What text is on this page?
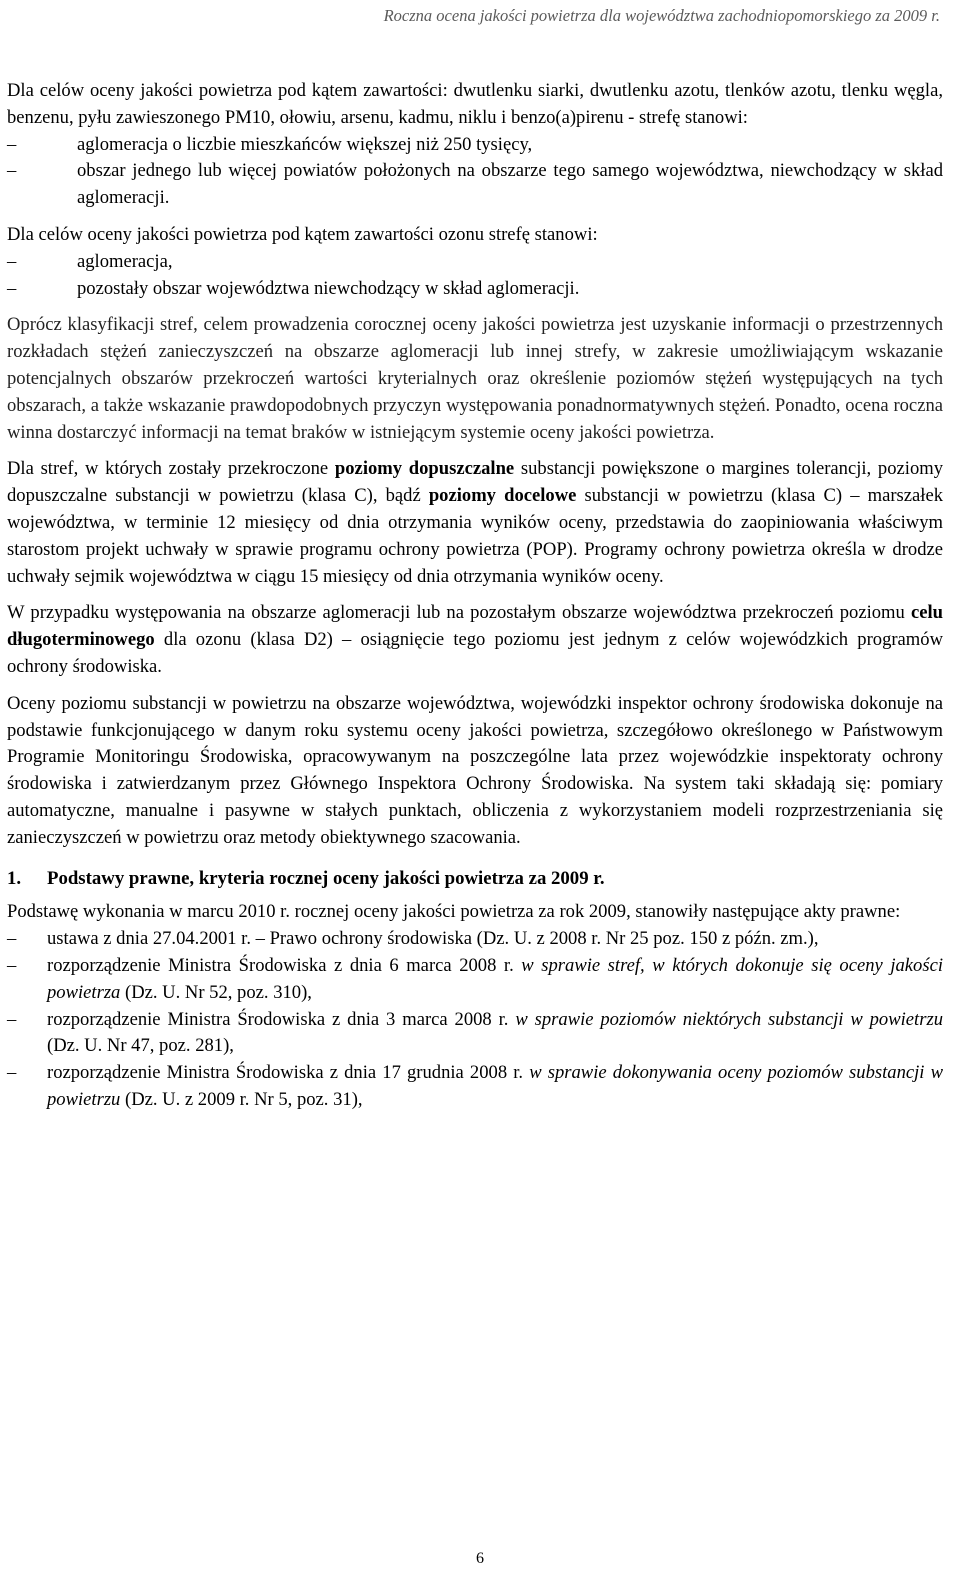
Roczna ocena jakości powietrza dla województwa zachodniopomorskiego za 2009 r.

Dla celów oceny jakości powietrza pod kątem zawartości: dwutlenku siarki, dwutlenku azotu, tlenków azotu, tlenku węgla, benzenu, pyłu zawieszonego PM10, ołowiu, arsenu, kadmu, niklu i benzo(a)pirenu - strefę stanowi:

– aglomeracja o liczbie mieszkańców większej niż 250 tysięcy,
– obszar jednego lub więcej powiatów położonych na obszarze tego samego województwa, niewchodzący w skład aglomeracji.

Dla celów oceny jakości powietrza pod kątem zawartości ozonu strefę stanowi:

– aglomeracja,
– pozostały obszar województwa niewchodzący w skład aglomeracji.

Oprócz klasyfikacji stref, celem prowadzenia corocznej oceny jakości powietrza jest uzyskanie informacji o przestrzennych rozkładach stężeń zanieczyszczeń na obszarze aglomeracji lub innej strefy, w zakresie umożliwiającym wskazanie potencjalnych obszarów przekroczeń wartości kryterialnych oraz określenie poziomów stężeń występujących na tych obszarach, a także wskazanie prawdopodobnych przyczyn występowania ponadnormatywnych stężeń. Ponadto, ocena roczna winna dostarczyć informacji na temat braków w istniejącym systemie oceny jakości powietrza.

Dla stref, w których zostały przekroczone poziomy dopuszczalne substancji powiększone o margines tolerancji, poziomy dopuszczalne substancji w powietrzu (klasa C), bądź poziomy docelowe substancji w powietrzu (klasa C) – marszałek województwa, w terminie 12 miesięcy od dnia otrzymania wyników oceny, przedstawia do zaopiniowania właściwym starostom projekt uchwały w sprawie programu ochrony powietrza (POP). Programy ochrony powietrza określa w drodze uchwały sejmik województwa w ciągu 15 miesięcy od dnia otrzymania wyników oceny.

W przypadku występowania na obszarze aglomeracji lub na pozostałym obszarze województwa przekroczeń poziomu celu długoterminowego dla ozonu (klasa D2) – osiągnięcie tego poziomu jest jednym z celów wojewódzkich programów ochrony środowiska.

Oceny poziomu substancji w powietrzu na obszarze województwa, wojewódzki inspektor ochrony środowiska dokonuje na podstawie funkcjonującego w danym roku systemu oceny jakości powietrza, szczegółowo określonego w Państwowym Programie Monitoringu Środowiska, opracowywanym na poszczególne lata przez wojewódzkie inspektoraty ochrony środowiska i zatwierdzanym przez Głównego Inspektora Ochrony Środowiska. Na system taki składają się: pomiary automatyczne, manualne i pasywne w stałych punktach, obliczenia z wykorzystaniem modeli rozprzestrzeniania się zanieczyszczeń w powietrzu oraz metody obiektywnego szacowania.

1. Podstawy prawne, kryteria rocznej oceny jakości powietrza za 2009 r.

Podstawę wykonania w marcu 2010 r. rocznej oceny jakości powietrza za rok 2009, stanowiły następujące akty prawne:

– ustawa z dnia 27.04.2001 r. – Prawo ochrony środowiska (Dz. U. z 2008 r. Nr 25 poz. 150 z późn. zm.),
– rozporządzenie Ministra Środowiska z dnia 6 marca 2008 r. w sprawie stref, w których dokonuje się oceny jakości powietrza (Dz. U. Nr 52, poz. 310),
– rozporządzenie Ministra Środowiska z dnia 3 marca 2008 r. w sprawie poziomów niektórych substancji w powietrzu (Dz. U. Nr 47, poz. 281),
– rozporządzenie Ministra Środowiska z dnia 17 grudnia 2008 r. w sprawie dokonywania oceny poziomów substancji w powietrzu (Dz. U. z 2009 r. Nr 5, poz. 31),
6
